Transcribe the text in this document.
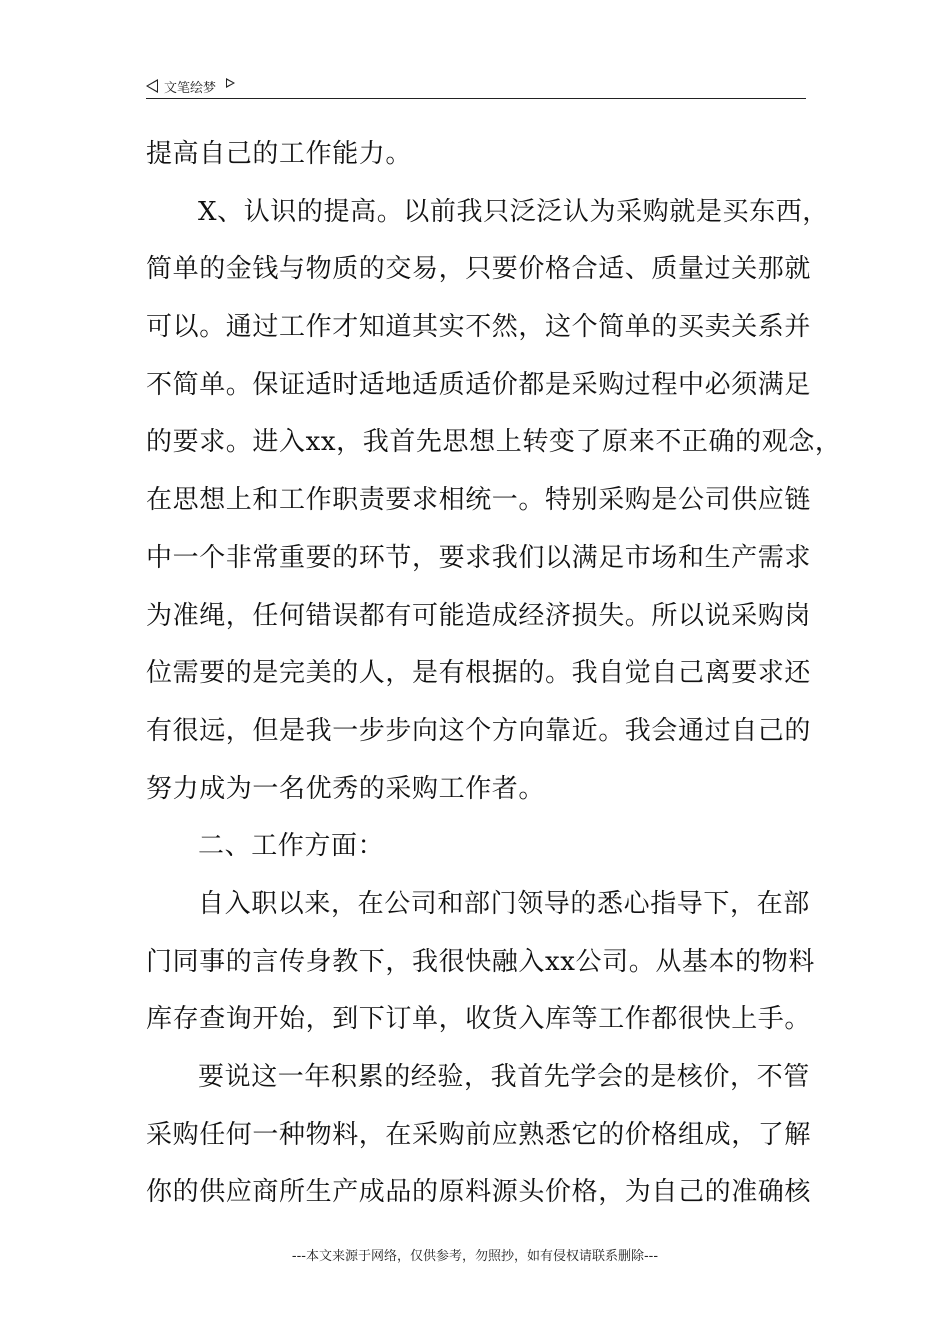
文笔绘梦
提高自己的工作能力。
X、认识的提高。以前我只泛泛认为采购就是买东西，
简单的金钱与物质的交易，只要价格合适、质量过关那就
可以。通过工作才知道其实不然，这个简单的买卖关系并
不简单。保证适时适地适质适价都是采购过程中必须满足
的要求。进入xx，我首先思想上转变了原来不正确的观念，
在思想上和工作职责要求相统一。特别采购是公司供应链
中一个非常重要的环节，要求我们以满足市场和生产需求
为准绳，任何错误都有可能造成经济损失。所以说采购岗
位需要的是完美的人，是有根据的。我自觉自己离要求还
有很远，但是我一步步向这个方向靠近。我会通过自己的
努力成为一名优秀的采购工作者。
二、工作方面：
自入职以来，在公司和部门领导的悉心指导下，在部
门同事的言传身教下，我很快融入xx公司。从基本的物料
库存查询开始，到下订单，收货入库等工作都很快上手。
要说这一年积累的经验，我首先学会的是核价，不管
采购任何一种物料，在采购前应熟悉它的价格组成，了解
你的供应商所生产成品的原料源头价格，为自己的准确核
---本文来源于网络，仅供参考，勿照抄，如有侵权请联系删除---
